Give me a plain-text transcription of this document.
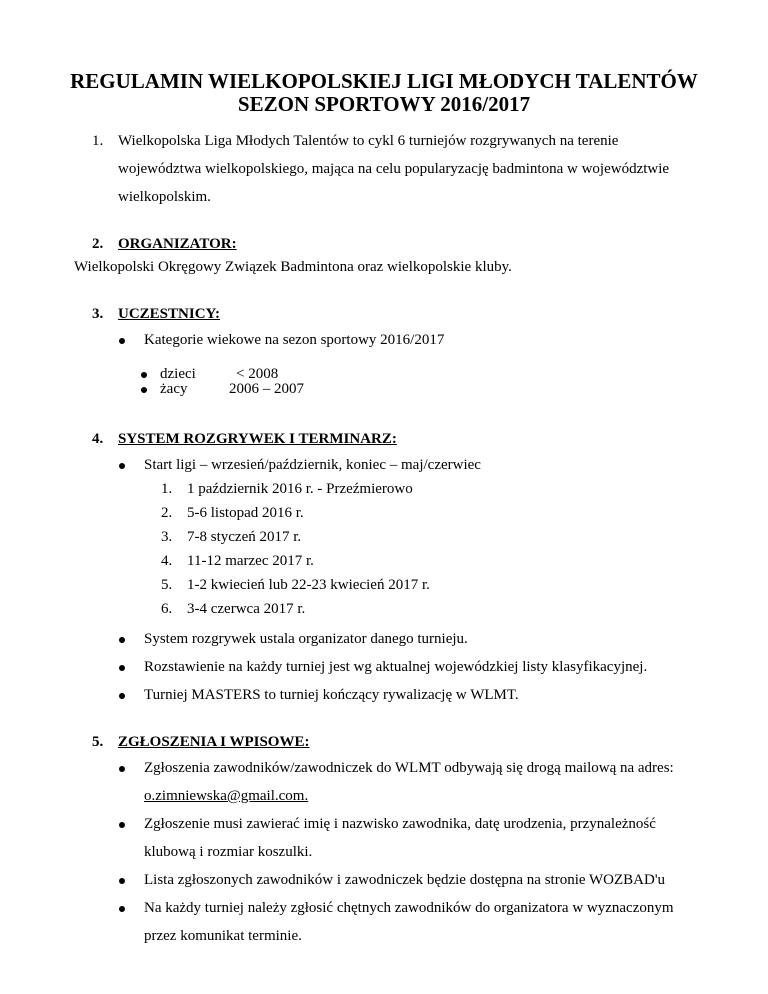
REGULAMIN WIELKOPOLSKIEJ LIGI MŁODYCH TALENTÓW
SEZON SPORTOWY 2016/2017
1. Wielkopolska Liga Młodych Talentów to cykl 6 turniejów rozgrywanych na terenie
województwa wielkopolskiego, mająca na celu popularyzację badmintona w województwie
wielkopolskim.
2. ORGANIZATOR:
Wielkopolski Okręgowy Związek Badmintona oraz wielkopolskie kluby.
3. UCZESTNICY:
Kategorie wiekowe na sezon sportowy 2016/2017
dzieci	< 2008
żacy	2006 – 2007
4. SYSTEM ROZGRYWEK I TERMINARZ:
Start ligi – wrzesień/październik, koniec – maj/czerwiec
1. 1 październik 2016 r. - Przeźmierowo
2. 5-6 listopad 2016 r.
3. 7-8 styczeń 2017 r.
4. 11-12 marzec 2017 r.
5. 1-2 kwiecień lub 22-23 kwiecień 2017 r.
6. 3-4 czerwca 2017 r.
System rozgrywek ustala organizator danego turnieju.
Rozstawienie na każdy turniej jest wg aktualnej wojewódzkiej listy klasyfikacyjnej.
Turniej MASTERS to turniej kończący rywalizację w WLMT.
5. ZGŁOSZENIA I WPISOWE:
Zgłoszenia zawodników/zawodniczek do WLMT odbywają się drogą mailową na adres:
o.zimniewska@gmail.com.
Zgłoszenie musi zawierać imię i nazwisko zawodnika, datę urodzenia, przynależność
klubową i rozmiar koszulki.
Lista zgłoszonych zawodników i zawodniczek będzie dostępna na stronie WOZBAD'u
Na każdy turniej należy zgłosić chętnych zawodników do organizatora w wyznaczonym
przez komunikat terminie.
